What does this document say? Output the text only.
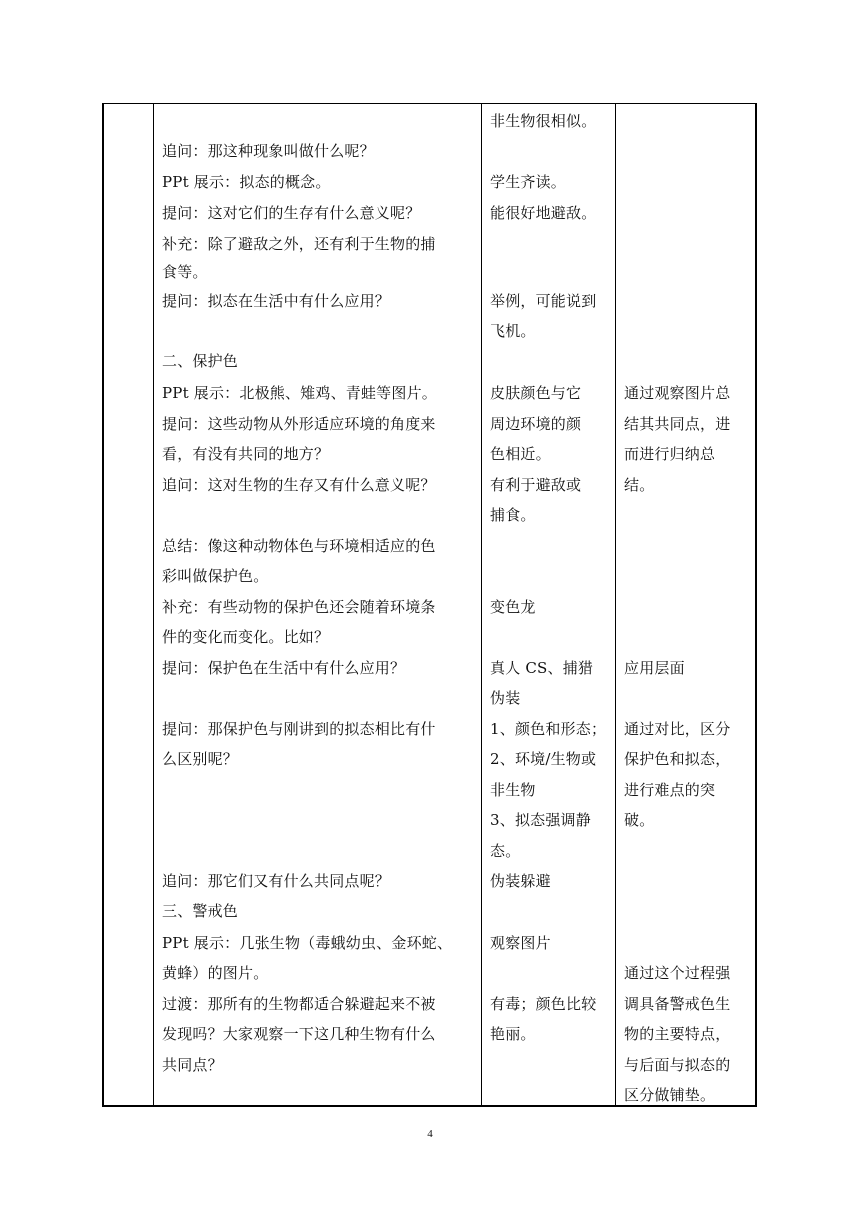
追问：那这种现象叫做什么呢？
PPt 展示：拟态的概念。
提问：这对它们的生存有什么意义呢？
补充：除了避敌之外，还有利于生物的捕
食等。
提问：拟态在生活中有什么应用？
二、保护色
PPt 展示：北极熊、雉鸡、青蛙等图片。
提问：这些动物从外形适应环境的角度来
看，有没有共同的地方？
追问：这对生物的生存又有什么意义呢？
总结：像这种动物体色与环境相适应的色
彩叫做保护色。
补充：有些动物的保护色还会随着环境条
件的变化而变化。比如？
提问：保护色在生活中有什么应用？
提问：那保护色与刚讲到的拟态相比有什
么区别呢？
追问：那它们又有什么共同点呢？
三、警戒色
PPt 展示：几张生物（毒蛾幼虫、金环蛇、
黄蜂）的图片。
过渡：那所有的生物都适合躲避起来不被
发现吗？大家观察一下这几种生物有什么
共同点？
非生物很相似。
学生齐读。
能很好地避敌。
举例，可能说到
飞机。
皮肤颜色与它
周边环境的颜
色相近。
有利于避敌或
捕食。
变色龙
真人 CS、捕猎
伪装
1、颜色和形态；
2、环境/生物或
非生物
3、拟态强调静
态。
伪装躲避
观察图片
有毒；颜色比较
艳丽。
通过观察图片总
结其共同点，进
而进行归纳总
结。
应用层面
通过对比，区分
保护色和拟态，
进行难点的突
破。
通过这个过程强
调具备警戒色生
物的主要特点，
与后面与拟态的
区分做铺垫。
4
